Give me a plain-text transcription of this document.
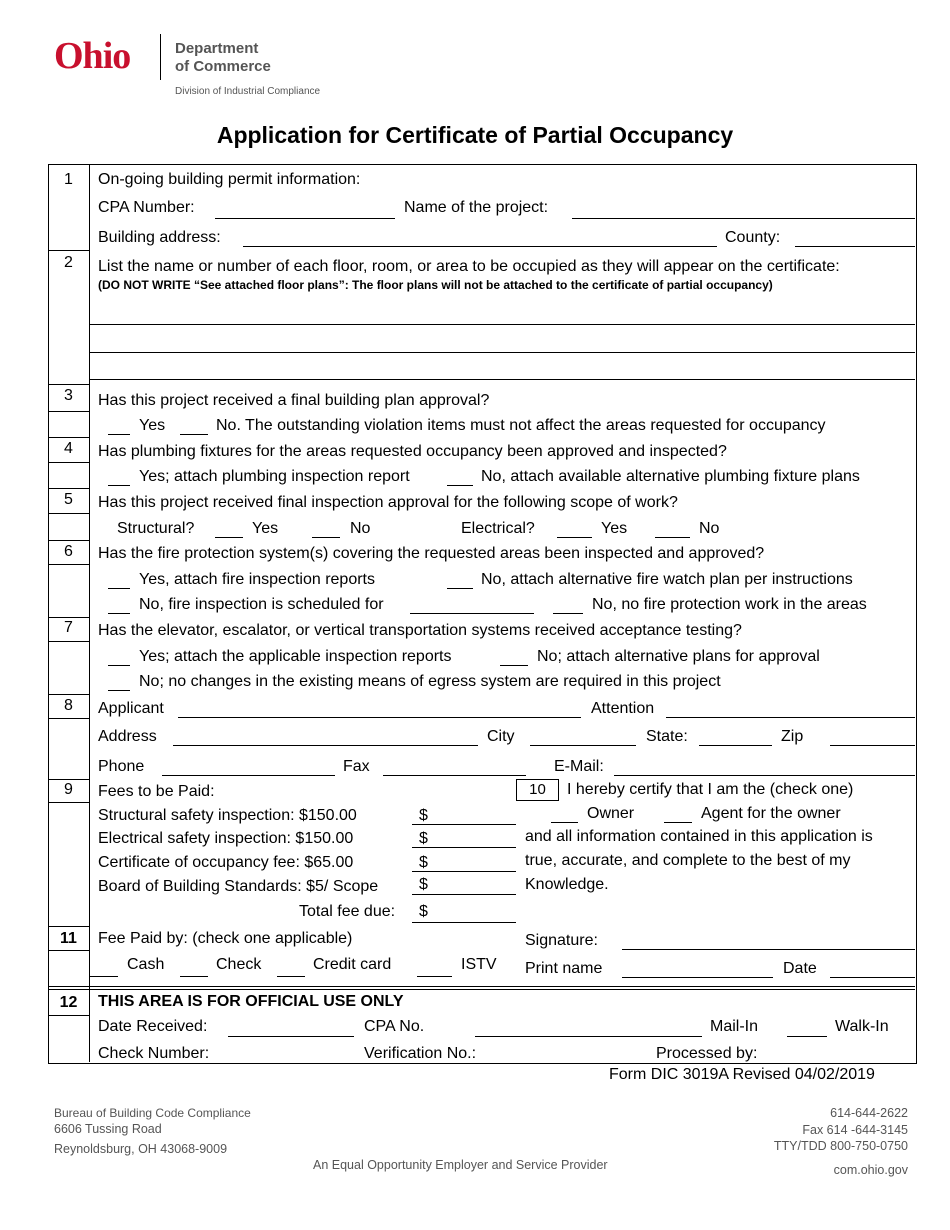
Ohio	Department
of Commerce
Division of Industrial Compliance
Application for Certificate of Partial Occupancy
1	On-going building permit information:
CPA Number:	Name of the project:
Building address:	County:
2	List the name or number of each floor, room, or area to be occupied as they will appear on the certificate:
(DO NOT WRITE “See attached floor plans”: The floor plans will not be attached to the certificate of partial occupancy)
3	Has this project received a final building plan approval?
Yes	No. The outstanding violation items must not affect the areas requested for occupancy
4	Has plumbing fixtures for the areas requested occupancy been approved and inspected?
Yes; attach plumbing inspection report	No, attach available alternative plumbing fixture plans
5	Has this project received final inspection approval for the following scope of work?
Structural?	Yes	No	Electrical?	Yes	No
6	Has the fire protection system(s) covering the requested areas been inspected and approved?
Yes, attach fire inspection reports	No, attach alternative fire watch plan per instructions
No, fire inspection is scheduled for	No, no fire protection work in the areas
7	Has the elevator, escalator, or vertical transportation systems received acceptance testing?
Yes; attach the applicable inspection reports	No; attach alternative plans for approval
No; no changes in the existing means of egress system are required in this project
8	Applicant	Attention
Address	City	State:	Zip
Phone	Fax	E-Mail:
9	Fees to be Paid:
Structural safety inspection: $150.00	$
Electrical safety inspection: $150.00	$
Certificate of occupancy fee: $65.00	$
Board of Building Standards: $5/ Scope	$
Total fee due: $
10	I hereby certify that I am the (check one)
Owner	Agent for the owner
and all information contained in this application is
true, accurate, and complete to the best of my
Knowledge.
11	Fee Paid by: (check one applicable)
Cash	Check	Credit card	ISTV
Signature:
Print name	Date
12	THIS AREA IS FOR OFFICIAL USE ONLY
Date Received:	CPA No.	Mail-In	Walk-In
Check Number:	Verification No.:	Processed by:
Form DIC 3019A Revised 04/02/2019
Bureau of Building Code Compliance
6606 Tussing Road
Reynoldsburg, OH 43068-9009
An Equal Opportunity Employer and Service Provider
614-644-2622
Fax 614 -644-3145
TTY/TDD 800-750-0750
com.ohio.gov
